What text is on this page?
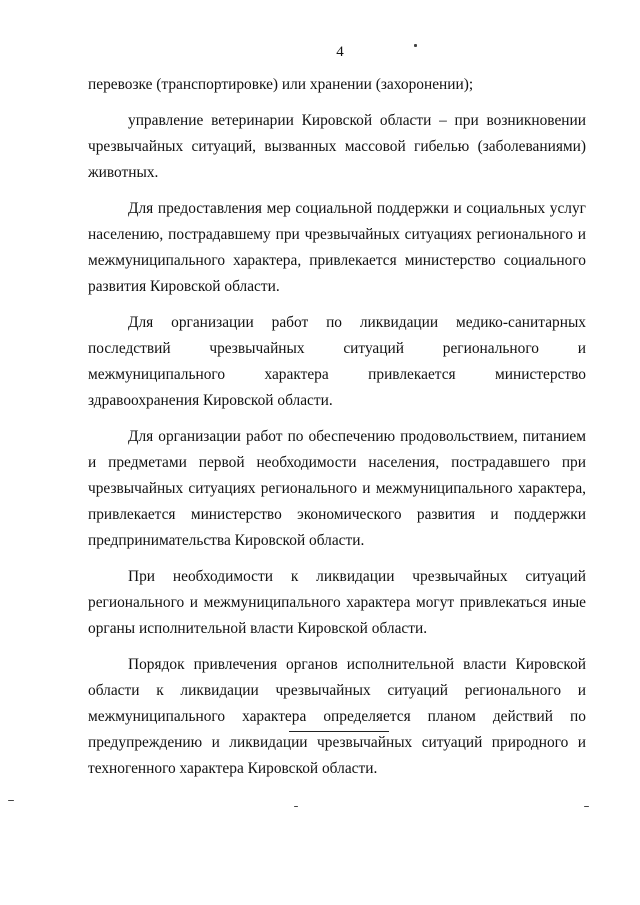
4

перевозке (транспортировке) или хранении (захоронении);

управление ветеринарии Кировской области – при возникновении чрезвычайных ситуаций, вызванных массовой гибелью (заболеваниями) животных.

Для предоставления мер социальной поддержки и социальных услуг населению, пострадавшему при чрезвычайных ситуациях регионального и межмуниципального характера, привлекается министерство социального развития Кировской области.

Для организации работ по ликвидации медико-санитарных последствий чрезвычайных ситуаций регионального и межмуниципального характера привлекается министерство здравоохранения Кировской области.

Для организации работ по обеспечению продовольствием, питанием и предметами первой необходимости населения, пострадавшего при чрезвычайных ситуациях регионального и межмуниципального характера, привлекается министерство экономического развития и поддержки предпринимательства Кировской области.

При необходимости к ликвидации чрезвычайных ситуаций регионального и межмуниципального характера могут привлекаться иные органы исполнительной власти Кировской области.

Порядок привлечения органов исполнительной власти Кировской области к ликвидации чрезвычайных ситуаций регионального и межмуниципального характера определяется планом действий по предупреждению и ликвидации чрезвычайных ситуаций природного и техногенного характера Кировской области.
